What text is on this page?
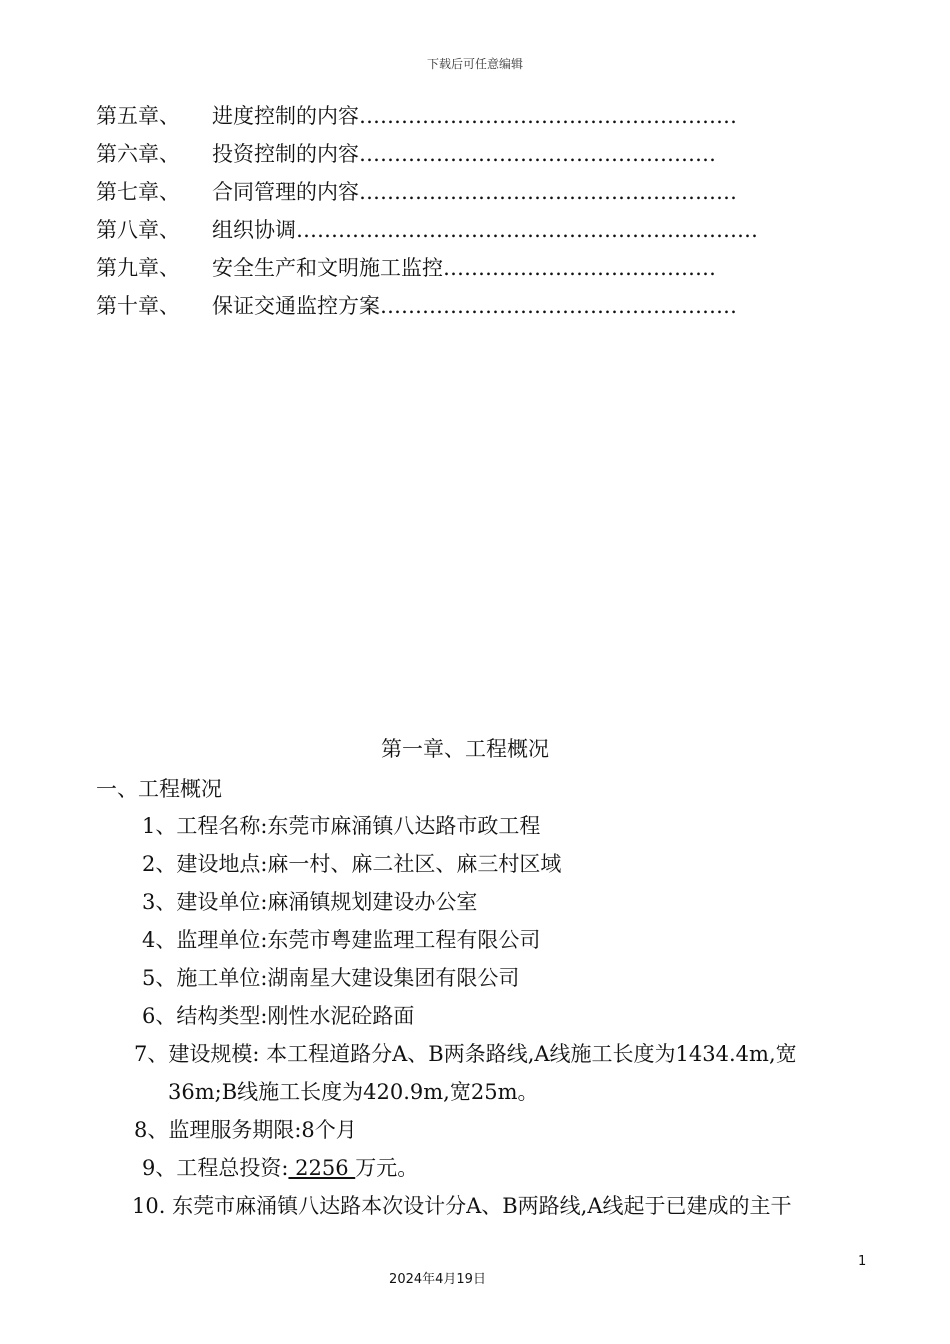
下载后可任意编辑
第五章、	进度控制的内容………………………………………………
第六章、	投资控制的内容……………………………………………
第七章、	合同管理的内容………………………………………………
第八章、	组织协调…………………………………………………………
第九章、	安全生产和文明施工监控…………………………………
第十章、	保证交通监控方案……………………………………………
第一章、工程概况
一、工程概况
1、工程名称:东莞市麻涌镇八达路市政工程
2、建设地点:麻一村、麻二社区、麻三村区域
3、建设单位:麻涌镇规划建设办公室
4、监理单位:东莞市粤建监理工程有限公司
5、施工单位:湖南星大建设集团有限公司
6、结构类型:刚性水泥砼路面
7、建设规模: 本工程道路分A、B两条路线,A线施工长度为1434.4m,宽
36m;B线施工长度为420.9m,宽25m。
8、监理服务期限:8个月
9、工程总投资: 2256 万元。
10. 东莞市麻涌镇八达路本次设计分A、B两路线,A线起于已建成的主干
1
2024年4月19日
